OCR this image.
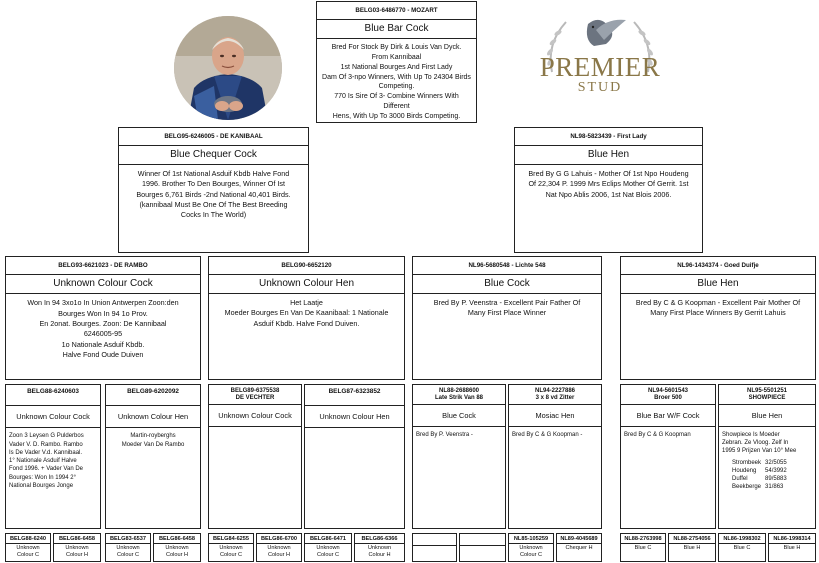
BELG03-6486770 - MOZART
Blue Bar Cock
Bred For Stock By Dirk & Louis Van Dyck.
From Kannibaal
1st National Bourges And First Lady
Dam Of 3-npo Winners, With Up To 24304 Birds
Competing.
770 Is Sire Of 3- Combine Winners With Different
Hens, With Up To 3000 Birds Competing.
PREMIER
STUD
BELG95-6246005 - DE KANIBAAL
Blue Chequer Cock
Winner Of 1st National Asduif Kbdb Halve Fond
1996. Brother To Den Bourges, Winner Of Ist
Bourges 6,761 Birds -2nd National 40,401 Birds.
(kannibaal Must Be One Of The Best Breeding
Cocks In The World)
NL98-5823439 - First Lady
Blue Hen
Bred By G G Lahuis - Mother Of 1st Npo Houdeng
Of 22,304 P. 1999 Mrs Eclips Mother Of Gerrit. 1st
Nat Npo Ablis 2006, 1st Nat Blois 2006.
BELG93-6621023 - DE RAMBO
Unknown Colour Cock
Won In 94 3xo1o In Union Antwerpen Zoon:den
Bourges Won In 94 1o Prov.
En 2onat. Bourges. Zoon: De Kannibaal
6246005-95
1o Nationale Asduif Kbdb.
Halve Fond Oude Duiven
BELG90-6652120
Unknown Colour Hen
Het Laatje
Moeder Bourges En Van De Kaanibaal: 1 Nationale
Asduif Kbdb. Halve Fond Duiven.
NL96-5680548 - Lichte 548
Blue Cock
Bred By P. Veenstra - Excellent Pair Father Of
Many First Place Winner
NL96-1434374 - Goed Duifje
Blue Hen
Bred By C & G Koopman - Excellent Pair Mother Of
Many First Place Winners By Gerrit Lahuis
BELG88-6240603
Unknown Colour Cock
Zoon 3 Leysen G Pulderbos
Vader V. D. Rambo. Rambo
Is De Vader V.d. Kannibaal.
1° Nationale Asduif Halve
Fond 1996. + Vader Van De
Bourges: Won In 1994 2°
National Bourges Jonge
BELG89-6202092
Unknown Colour Hen
Martin-royberghs
Moeder Van De Rambo
BELG89-6375538
DE VECHTER
Unknown Colour Cock
BELG87-6323852
Unknown Colour Hen
NL88-2688600
Late Strik Van 88
Blue Cock
Bred By P. Veenstra -
NL94-2227886
3 x 8 vd Zitter
Mosiac Hen
Bred By C & G Koopman -
NL94-5601543
Broer 500
Blue Bar W/F Cock
Bred By C & G Koopman
NL95-5501251
SHOWPIECE
Blue Hen
Showpiece Is Moeder
Zebran. Ze Vloog. Zelf In
1995 9 Prijzen Van 10° Mee
Strombeek	32/5055
Houdeng	54/3992
Duffel	89/5883
Beekberge	31/863
BELG88-6240
Unknown
Colour C
BELG86-6458
Unknown
Colour H
BELG83-6537
Unknown
Colour C
BELG86-6458
Unknown
Colour H
BELG84-6255
Unknown
Colour C
BELG86-6700
Unknown
Colour H
BELG86-6471
Unknown
Colour C
BELG86-6366
Unknown
Colour H
NL85-105259
Unknown
Colour C
NL89-4045689
Chequer H
NL88-2763998
Blue C
NL88-2754056
Blue H
NL86-1998302
Blue C
NL86-1998314
Blue H
